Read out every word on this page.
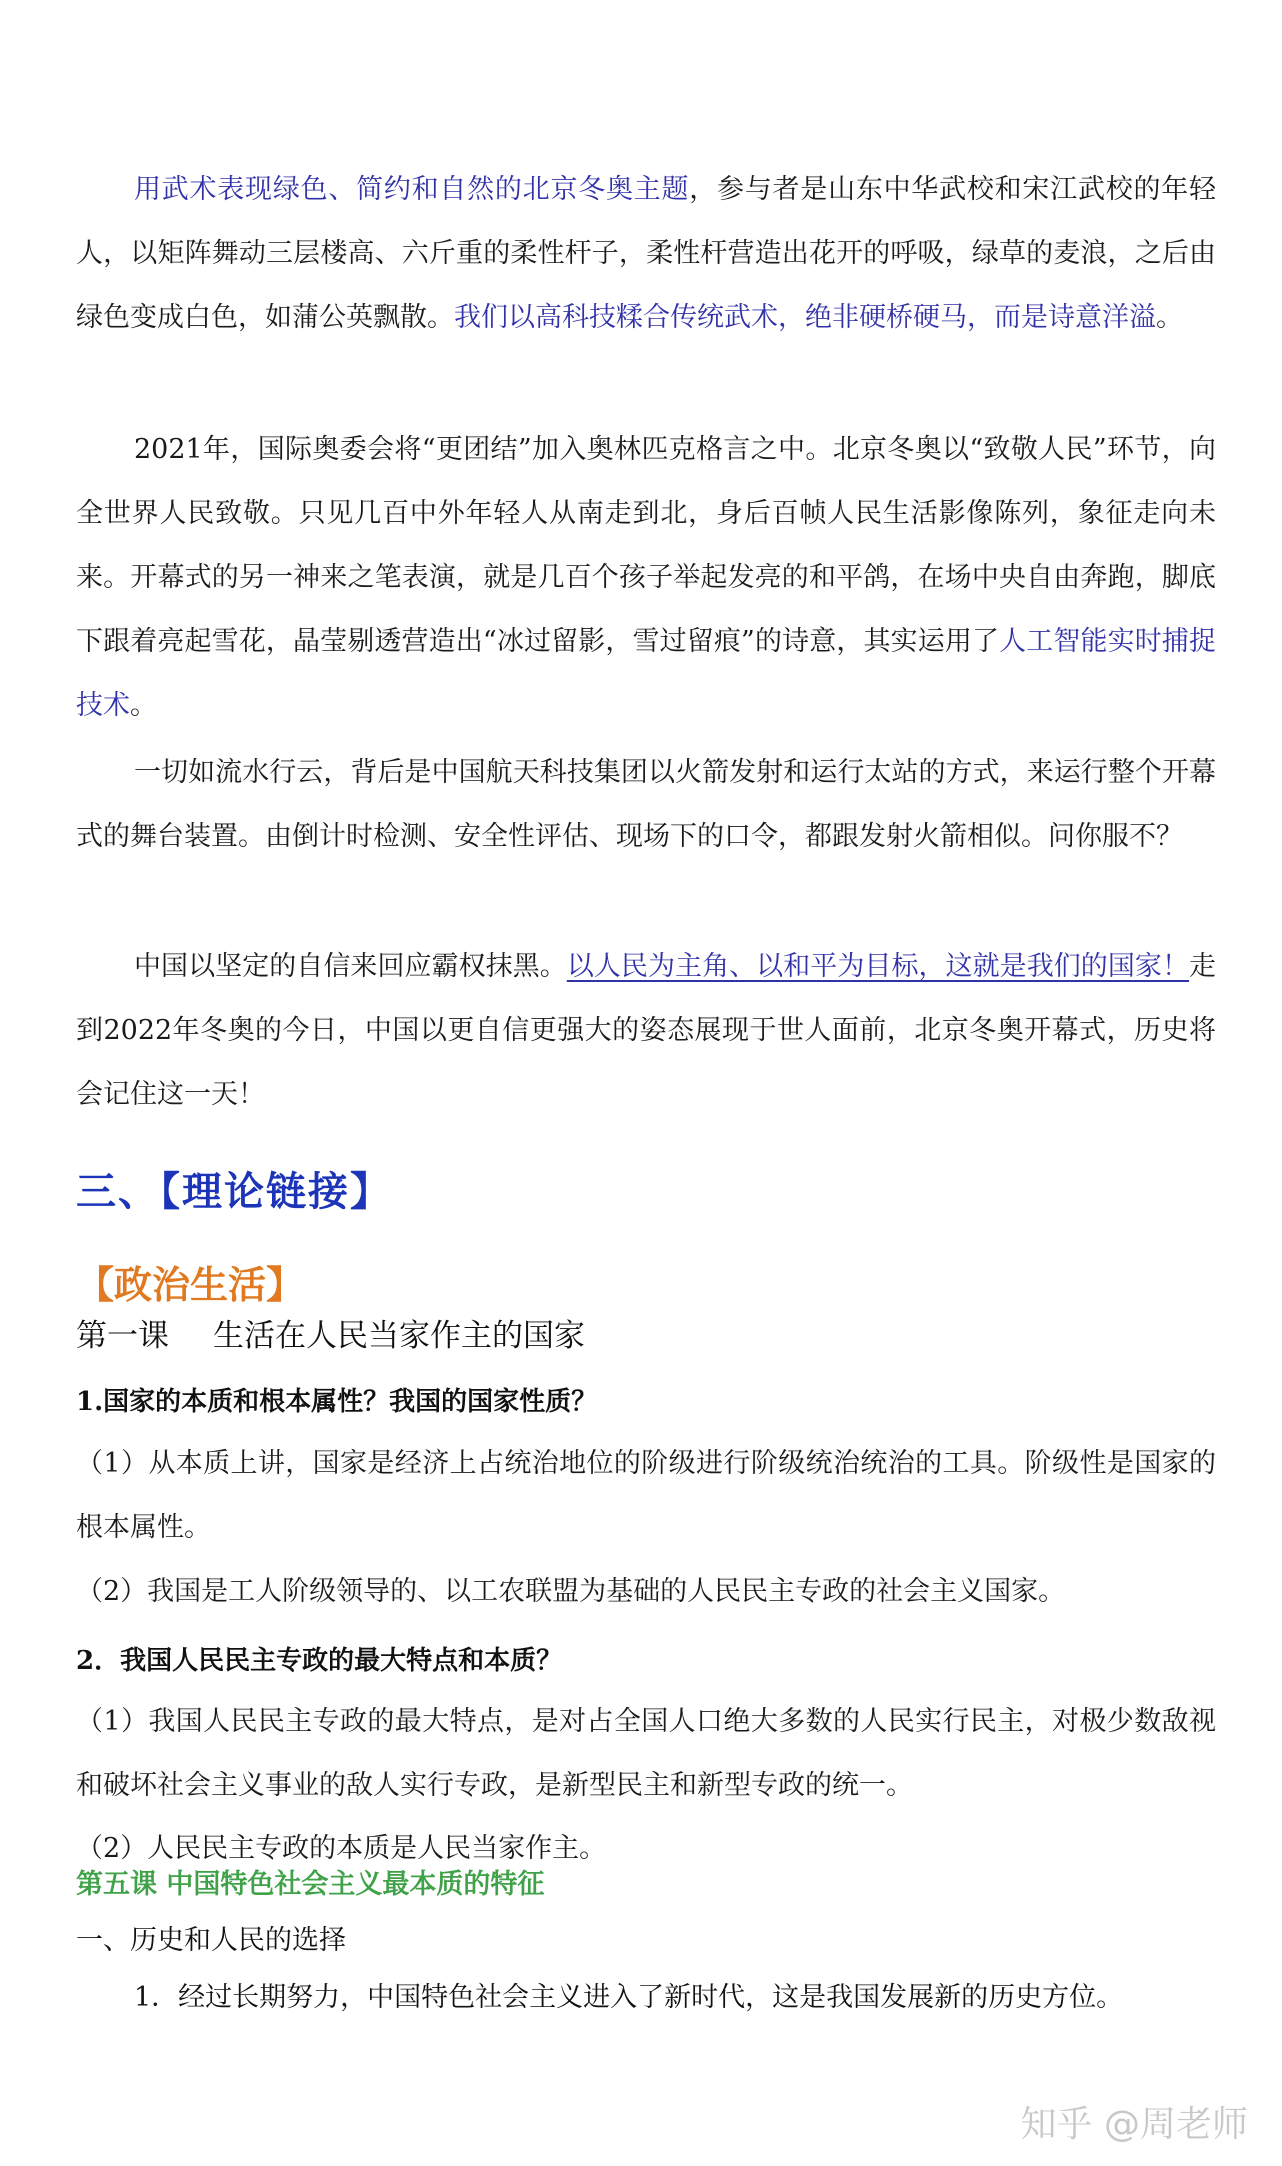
用武术表现绿色、简约和自然的北京冬奥主题，参与者是山东中华武校和宋江武校的年轻人，以矩阵舞动三层楼高、六斤重的柔性杆子，柔性杆营造出花开的呼吸，绿草的麦浪，之后由绿色变成白色，如蒲公英飘散。我们以高科技糅合传统武术，绝非硬桥硬马，而是诗意洋溢。

2021年，国际奥委会将“更团结”加入奥林匹克格言之中。北京冬奥以“致敬人民”环节，向全世界人民致敬。只见几百中外年轻人从南走到北，身后百帧人民生活影像陈列，象征走向未来。开幕式的另一神来之笔表演，就是几百个孩子举起发亮的和平鸽，在场中央自由奔跑，脚底下跟着亮起雪花，晶莹剔透营造出“冰过留影，雪过留痕”的诗意，其实运用了人工智能实时捕捉技术。

一切如流水行云，背后是中国航天科技集团以火箭发射和运行太站的方式，来运行整个开幕式的舞台装置。由倒计时检测、安全性评估、现场下的口令，都跟发射火箭相似。问你服不？

中国以坚定的自信来回应霸权抹黑。以人民为主角、以和平为目标，这就是我们的国家！走到2022年冬奥的今日，中国以更自信更强大的姿态展现于世人面前，北京冬奥开幕式，历史将会记住这一天！

三、【理论链接】
【政治生活】
第一课 生活在人民当家作主的国家

1.国家的本质和根本属性？我国的国家性质？

（1）从本质上讲，国家是经济上占统治地位的阶级进行阶级统治统治的工具。阶级性是国家的根本属性。

（2）我国是工人阶级领导的、以工农联盟为基础的人民民主专政的社会主义国家。

2．我国人民民主专政的最大特点和本质？

（1）我国人民民主专政的最大特点，是对占全国人口绝大多数的人民实行民主，对极少数敌视和破坏社会主义事业的敌人实行专政，是新型民主和新型专政的统一。

（2）人民民主专政的本质是人民当家作主。

第五课 中国特色社会主义最本质的特征

一、历史和人民的选择

1．经过长期努力，中国特色社会主义进入了新时代，这是我国发展新的历史方位。

知乎 @周老师
